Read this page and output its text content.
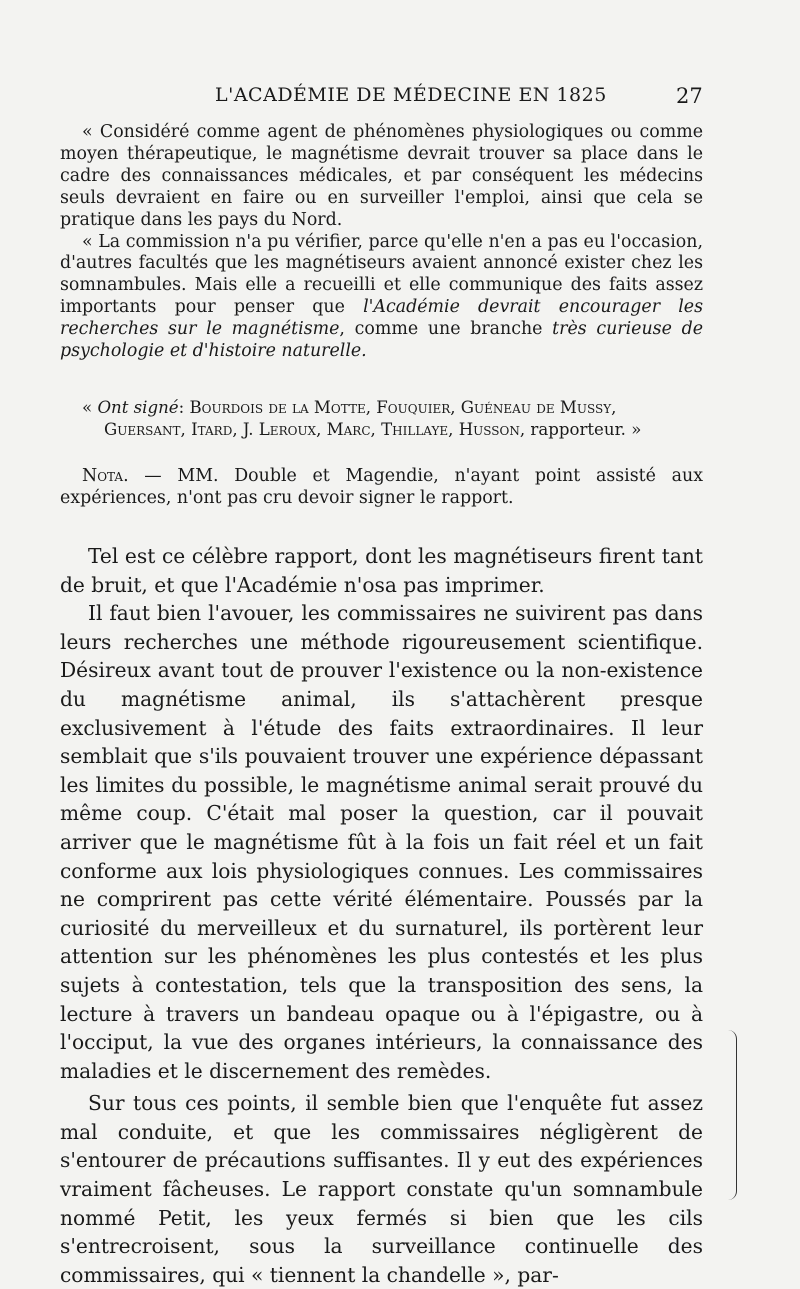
L'ACADÉMIE DE MÉDECINE EN 1825	27

« Considéré comme agent de phénomènes physiologiques ou comme moyen thérapeutique, le magnétisme devrait trouver sa place dans le cadre des connaissances médicales, et par conséquent les médecins seuls devraient en faire ou en surveiller l'emploi, ainsi que cela se pratique dans les pays du Nord.

« La commission n'a pu vérifier, parce qu'elle n'en a pas eu l'occasion, d'autres facultés que les magnétiseurs avaient annoncé exister chez les somnambules. Mais elle a recueilli et elle communique des faits assez importants pour penser que l'Académie devrait encourager les recherches sur le magnétisme, comme une branche très curieuse de psychologie et d'histoire naturelle.

« Ont signé: Bourdois de la Motte, Fouquier, Guéneau de Mussy,
Guersant, Itard, J. Leroux, Marc, Thillaye, Husson, rapporteur. »

Nota. — MM. Double et Magendie, n'ayant point assisté aux expériences, n'ont pas cru devoir signer le rapport.

Tel est ce célèbre rapport, dont les magnétiseurs firent tant de bruit, et que l'Académie n'osa pas imprimer.

Il faut bien l'avouer, les commissaires ne suivirent pas dans leurs recherches une méthode rigoureusement scientifique. Désireux avant tout de prouver l'existence ou la non-existence du magnétisme animal, ils s'attachèrent presque exclusivement à l'étude des faits extraordinaires. Il leur semblait que s'ils pouvaient trouver une expérience dépassant les limites du possible, le magnétisme animal serait prouvé du même coup. C'était mal poser la question, car il pouvait arriver que le magnétisme fût à la fois un fait réel et un fait conforme aux lois physiologiques connues. Les commissaires ne comprirent pas cette vérité élémentaire. Poussés par la curiosité du merveilleux et du surnaturel, ils portèrent leur attention sur les phénomènes les plus contestés et les plus sujets à contestation, tels que la transposition des sens, la lecture à travers un bandeau opaque ou à l'épigastre, ou à l'occiput, la vue des organes intérieurs, la connaissance des maladies et le discernement des remèdes.

Sur tous ces points, il semble bien que l'enquête fut assez mal conduite, et que les commissaires négligèrent de s'entourer de précautions suffisantes. Il y eut des expériences vraiment fâcheuses. Le rapport constate qu'un somnambule nommé Petit, les yeux fermés si bien que les cils s'entrecroisent, sous la surveillance continuelle des commissaires, qui « tiennent la chandelle », par-
